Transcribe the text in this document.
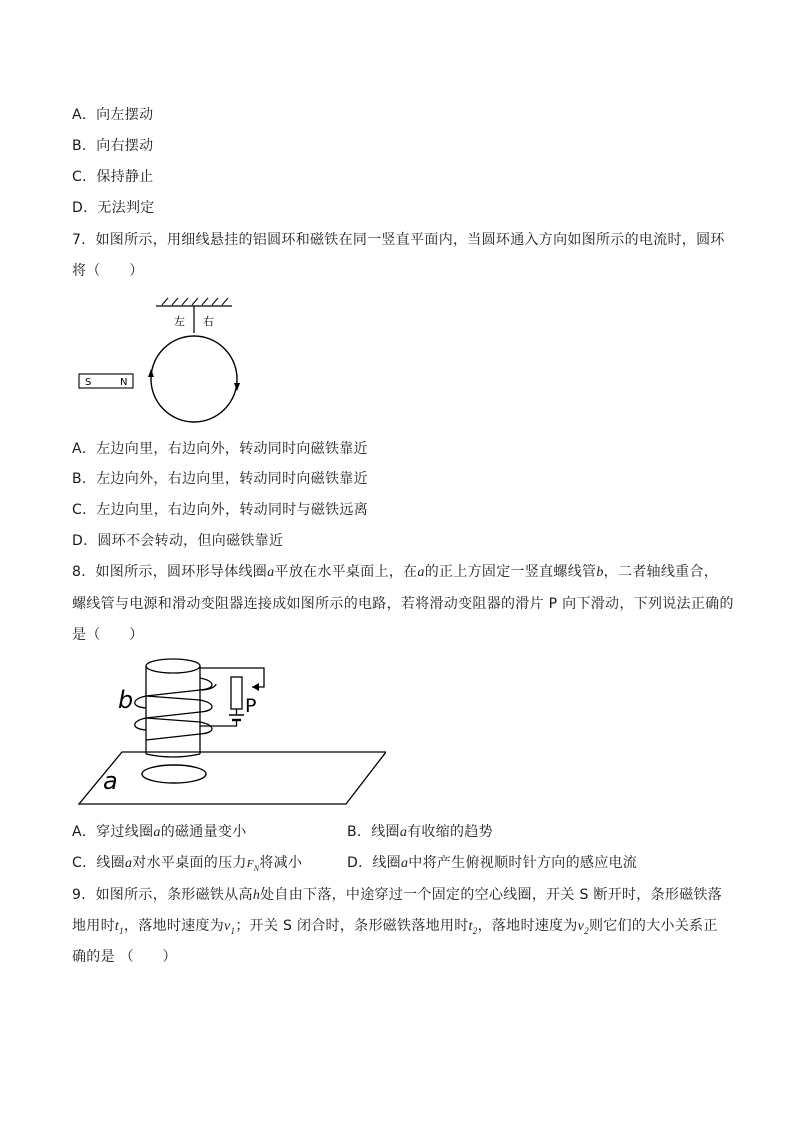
A．向左摆动
B．向右摆动
C．保持静止
D．无法判定
7．如图所示，用细线悬挂的铝圆环和磁铁在同一竖直平面内，当圆环通入方向如图所示的电流时，圆环
将（　　）
左 右
S	N
A．左边向里，右边向外，转动同时向磁铁靠近
B．左边向外，右边向里，转动同时向磁铁靠近
C．左边向里，右边向外，转动同时与磁铁远离
D．圆环不会转动，但向磁铁靠近
8．如图所示，圆环形导体线圈a平放在水平桌面上，在a的正上方固定一竖直螺线管b，二者轴线重合，
螺线管与电源和滑动变阻器连接成如图所示的电路，若将滑动变阻器的滑片 P 向下滑动，下列说法正确的
是（　　）
a
b	P
A．穿过线圈a的磁通量变小	B．线圈a有收缩的趋势
C．线圈a对水平桌面的压力$F_N$将减小	D．线圈a中将产生俯视顺时针方向的感应电流
9．如图所示，条形磁铁从高h处自由下落，中途穿过一个固定的空心线圈，开关 S 断开时，条形磁铁落
地用时$t_1$，落地时速度为$v_1$；开关 S 闭合时，条形磁铁落地用时$t_2$，落地时速度为$v_2$则它们的大小关系正
确的是 （　　）
